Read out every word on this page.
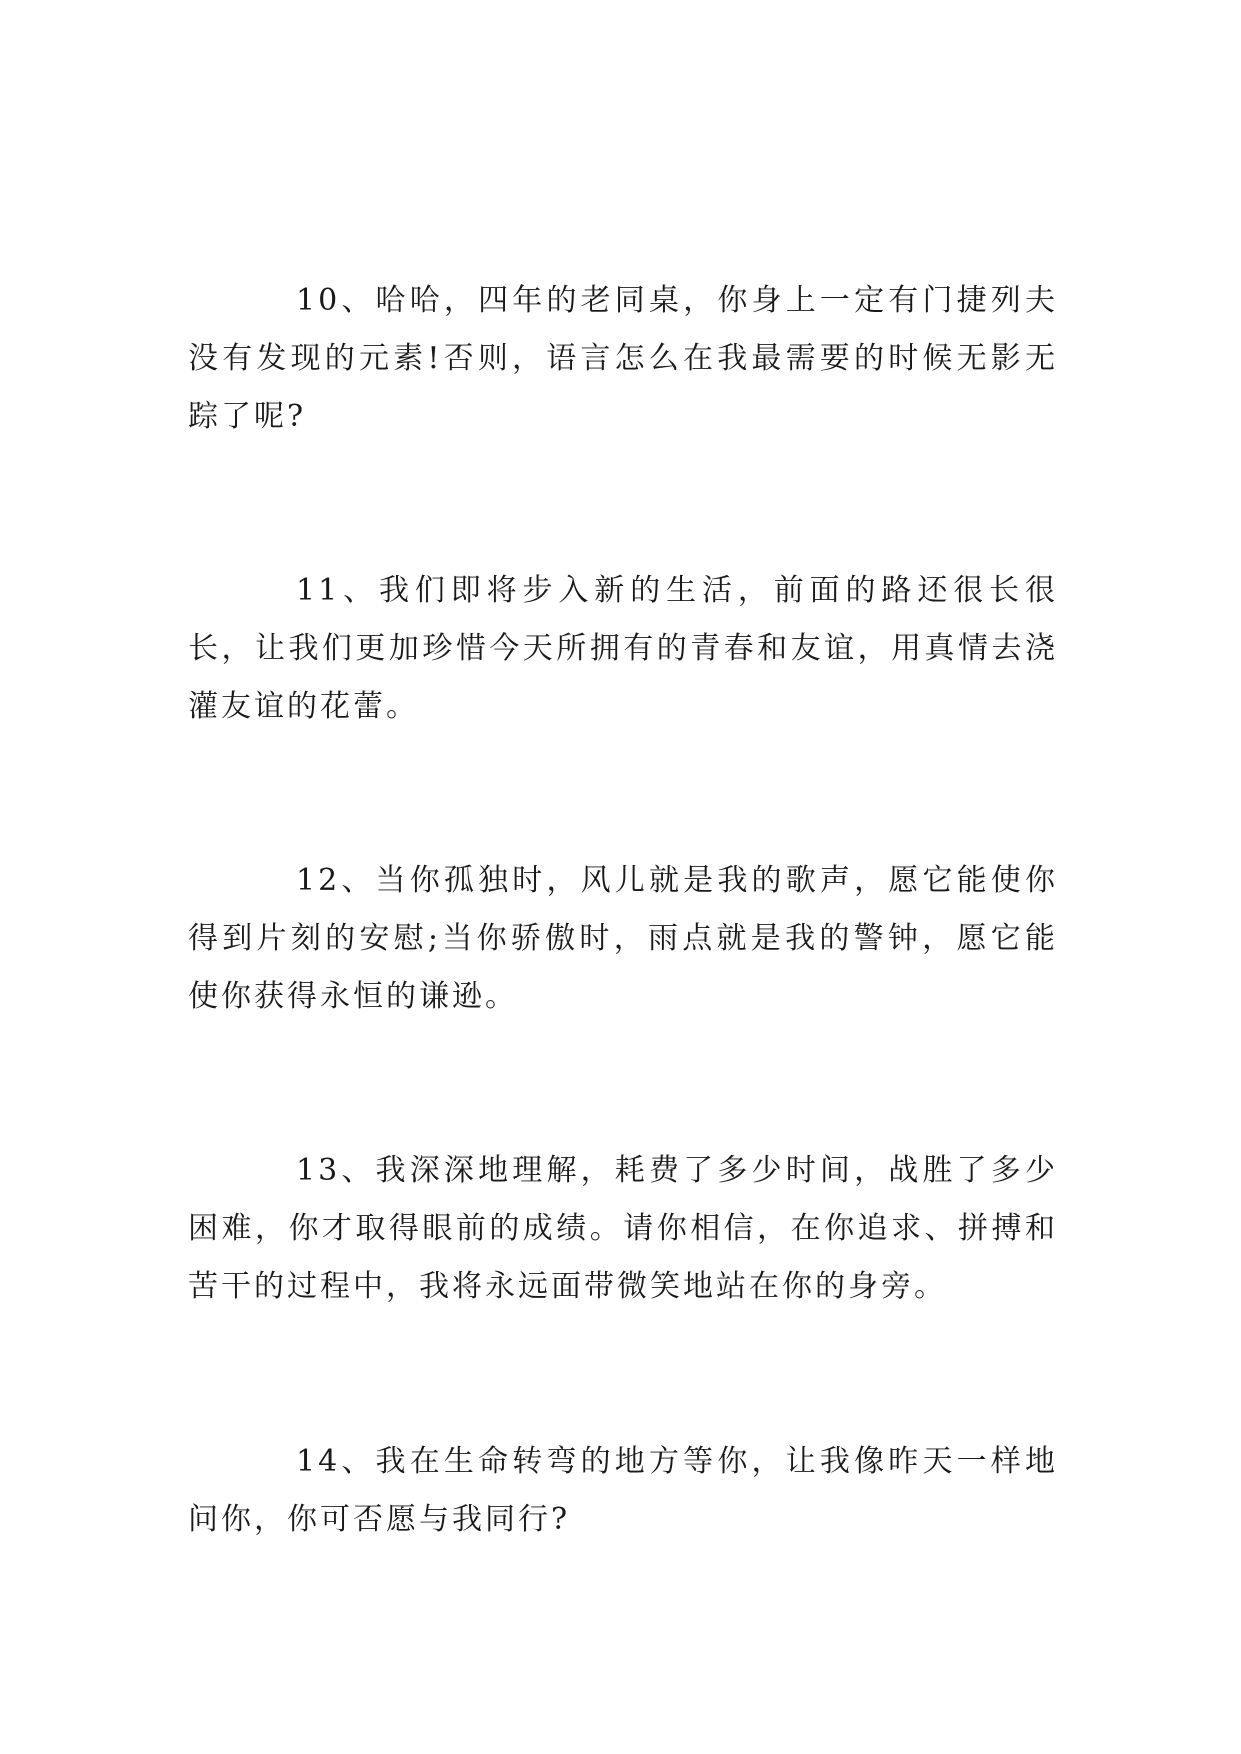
10、哈哈，四年的老同桌，你身上一定有门捷列夫没有发现的元素!否则，语言怎么在我最需要的时候无影无踪了呢?

11、我们即将步入新的生活，前面的路还很长很长，让我们更加珍惜今天所拥有的青春和友谊，用真情去浇灌友谊的花蕾。

12、当你孤独时，风儿就是我的歌声，愿它能使你得到片刻的安慰;当你骄傲时，雨点就是我的警钟，愿它能使你获得永恒的谦逊。

13、我深深地理解，耗费了多少时间，战胜了多少困难，你才取得眼前的成绩。请你相信，在你追求、拼搏和苦干的过程中，我将永远面带微笑地站在你的身旁。

14、我在生命转弯的地方等你，让我像昨天一样地问你，你可否愿与我同行?
